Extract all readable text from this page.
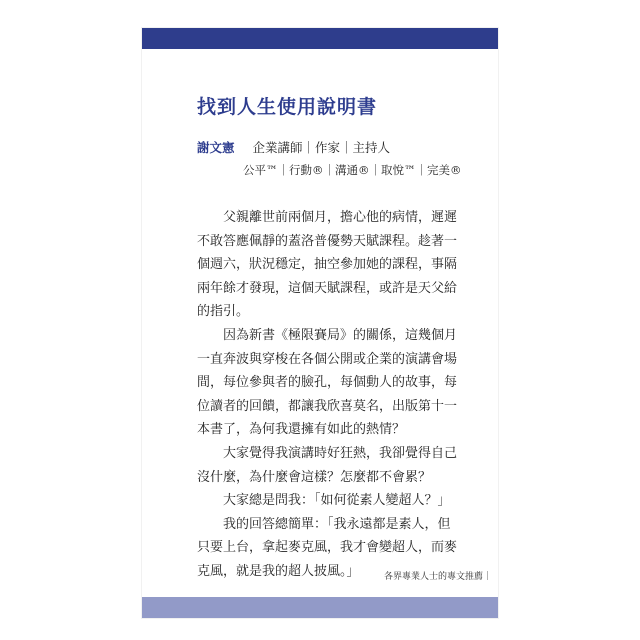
找到人生使用說明書
謝文憲 企業講師｜作家｜主持人
公平™｜行動®｜溝通®｜取悅™｜完美®

父親離世前兩個月，擔心他的病情，遲遲不敢答應佩靜的蓋洛普優勢天賦課程。趁著一個週六，狀況穩定，抽空參加她的課程，事隔兩年餘才發現，這個天賦課程，或許是天父給的指引。

因為新書《極限賽局》的關係，這幾個月一直奔波與穿梭在各個公開或企業的演講會場間，每位參與者的臉孔，每個動人的故事，每位讀者的回饋，都讓我欣喜莫名，出版第十一本書了，為何我還擁有如此的熱情？

大家覺得我演講時好狂熱，我卻覺得自己沒什麼，為什麼會這樣？怎麼都不會累？

大家總是問我：「如何從素人變超人？」

我的回答總簡單：「我永遠都是素人，但只要上台，拿起麥克風，我才會變超人，而麥克風，就是我的超人披風。」	各界專業人士的專文推薦｜
